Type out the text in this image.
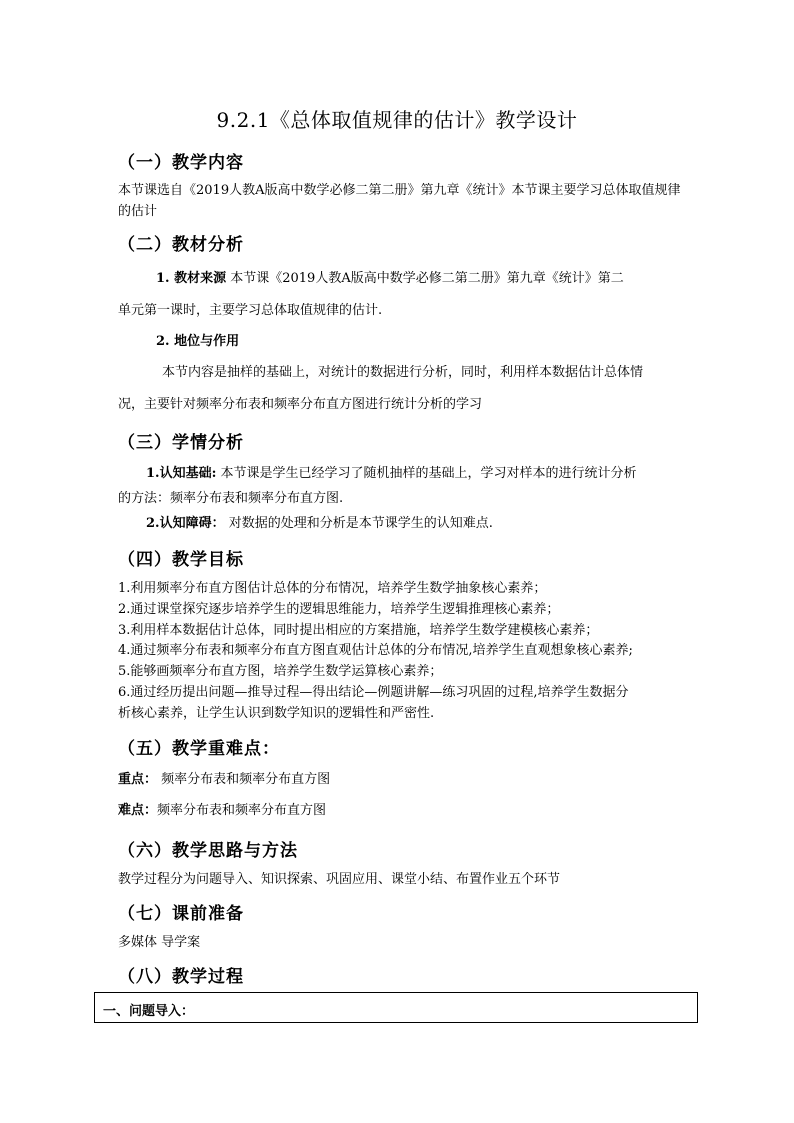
9.2.1《总体取值规律的估计》教学设计
（一）教学内容
本节课选自《2019人教A版高中数学必修二第二册》第九章《统计》本节课主要学习总体取值规律的估计
（二）教材分析
1. 教材来源 本节课《2019人教A版高中数学必修二第二册》第九章《统计》第二
单元第一课时，主要学习总体取值规律的估计.
2. 地位与作用
本节内容是抽样的基础上，对统计的数据进行分析，同时，利用样本数据估计总体情
况，主要针对频率分布表和频率分布直方图进行统计分析的学习
（三）学情分析
1.认知基础: 本节课是学生已经学习了随机抽样的基础上，学习对样本的进行统计分析
的方法：频率分布表和频率分布直方图.
2.认知障碍： 对数据的处理和分析是本节课学生的认知难点.
（四）教学目标
1.利用频率分布直方图估计总体的分布情况，培养学生数学抽象核心素养；
2.通过课堂探究逐步培养学生的逻辑思维能力，培养学生逻辑推理核心素养；
3.利用样本数据估计总体，同时提出相应的方案措施，培养学生数学建模核心素养；
4.通过频率分布表和频率分布直方图直观估计总体的分布情况,培养学生直观想象核心素养;
5.能够画频率分布直方图，培养学生数学运算核心素养；
6.通过经历提出问题—推导过程—得出结论—例题讲解—练习巩固的过程,培养学生数据分
析核心素养，让学生认识到数学知识的逻辑性和严密性.
（五）教学重难点：
重点： 频率分布表和频率分布直方图
难点：频率分布表和频率分布直方图
（六）教学思路与方法
教学过程分为问题导入、知识探索、巩固应用、课堂小结、布置作业五个环节
（七）课前准备
多媒体 导学案
（八）教学过程
一、问题导入：
